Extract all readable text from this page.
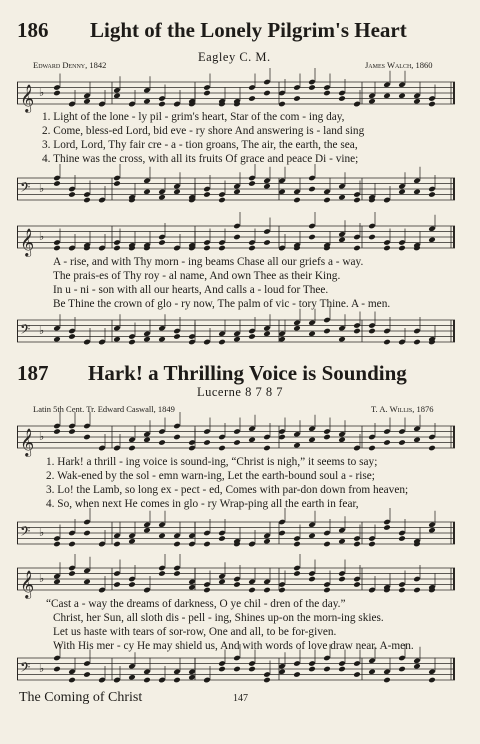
186 Light of the Lonely Pilgrim's Heart
Eagley C. M.
Edward Denny, 1842	James Walch, 1860
𝄞 ♭
𝄢 ♭
1. Light of the lone - ly pil - grim's heart, Star of the com - ing day,
2. Come, bless-ed Lord, bid eve - ry shore And answering is - land sing
3. Lord, Lord, Thy fair cre - a - tion groans, The air, the earth, the sea,
4. Thine was the cross, with all its fruits Of grace and peace Di - vine;
𝄞 ♭
𝄢 ♭
A - rise, and with Thy morn - ing beams Chase all our griefs a - way.
The prais-es of Thy roy - al name, And own Thee as their King.
In u - ni - son with all our hearts, And calls a - loud for Thee.
Be Thine the crown of glo - ry now, The palm of vic - tory Thine. A - men.
187 Hark! a Thrilling Voice is Sounding
Lucerne 8 7 8 7
Latin 5th Cent. Tr. Edward Caswall, 1849	T. A. Willis, 1876
𝄞 ♭
𝄢 ♭
1. Hark! a thrill - ing voice is sound-ing, “Christ is nigh,” it seems to say;
2. Wak-ened by the sol - emn warn-ing, Let the earth-bound soul a - rise;
3. Lo! the Lamb, so long ex - pect - ed, Comes with par-don down from heaven;
4. So, when next He comes in glo - ry Wrap-ping all the earth in fear,
𝄞 ♭
𝄢 ♭
“Cast a - way the dreams of darkness, O ye chil - dren of the day.”
Christ, her Sun, all sloth dis - pell - ing, Shines up-on the morn-ing skies.
Let us haste with tears of sor-row, One and all, to be for-given.
With His mer - cy He may shield us, And with words of love draw near. A-men.
The Coming of Christ	147
